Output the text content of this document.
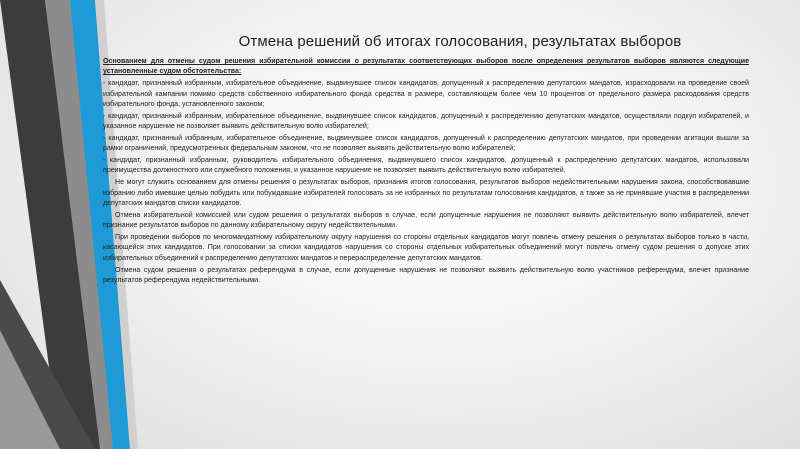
Отмена решений об итогах голосования, результатах выборов

Основанием для отмены судом решения избирательной комиссии о результатах соответствующих выборов после определения результатов выборов являются следующие установленные судом обстоятельства:

- кандидат, признанный избранным, избирательное объединение, выдвинувшее список кандидатов, допущенный к распределению депутатских мандатов, израсходовали на проведение своей избирательной кампании помимо средств собственного избирательного фонда средства в размере, составляющем более чем 10 процентов от предельного размера расходования средств избирательного фонда, установленного законом;

- кандидат, признанный избранным, избирательное объединение, выдвинувшее список кандидатов, допущенный к распределению депутатских мандатов, осуществляли подкуп избирателей, и указанное нарушение не позволяет выявить действительную волю избирателей;

- кандидат, признанный избранным, избирательное объединение, выдвинувшее список кандидатов, допущенный к распределению депутатских мандатов, при проведении агитации вышли за рамки ограничений, предусмотренных федеральным законом, что не позволяет выявить действительную волю избирателей;

- кандидат, признанный избранным, руководитель избирательного объединения, выдвинувшего список кандидатов, допущенный к распределению депутатских мандатов, использовали преимущества должностного или служебного положения, и указанное нарушение не позволяет выявить действительную волю избирателей.

Не могут служить основанием для отмены решения о результатах выборов, признания итогов голосования, результатов выборов недействительными нарушения закона, способствовавшие избранию либо имевшие целью побудить или побуждавшие избирателей голосовать за не избранных по результатам голосования кандидатов, а также за не принявшие участия в распределении депутатских мандатов списки кандидатов.

Отмена избирательной комиссией или судом решения о результатах выборов в случае, если допущенные нарушения не позволяют выявить действительную волю избирателей, влечет признание результатов выборов по данному избирательному округу недействительными.

При проведении выборов по многомандатному избирательному округу нарушения со стороны отдельных кандидатов могут повлечь отмену решения о результатах выборов только в части, касающейся этих кандидатов. При голосовании за списки кандидатов нарушения со стороны отдельных избирательных объединений могут повлечь отмену судом решения о допуске этих избирательных объединений к распределению депутатских мандатов и перераспределение депутатских мандатов.

Отмена судом решения о результатах референдума в случае, если допущенные нарушения не позволяют выявить действительную волю участников референдума, влечет признание результатов референдума недействительными.
